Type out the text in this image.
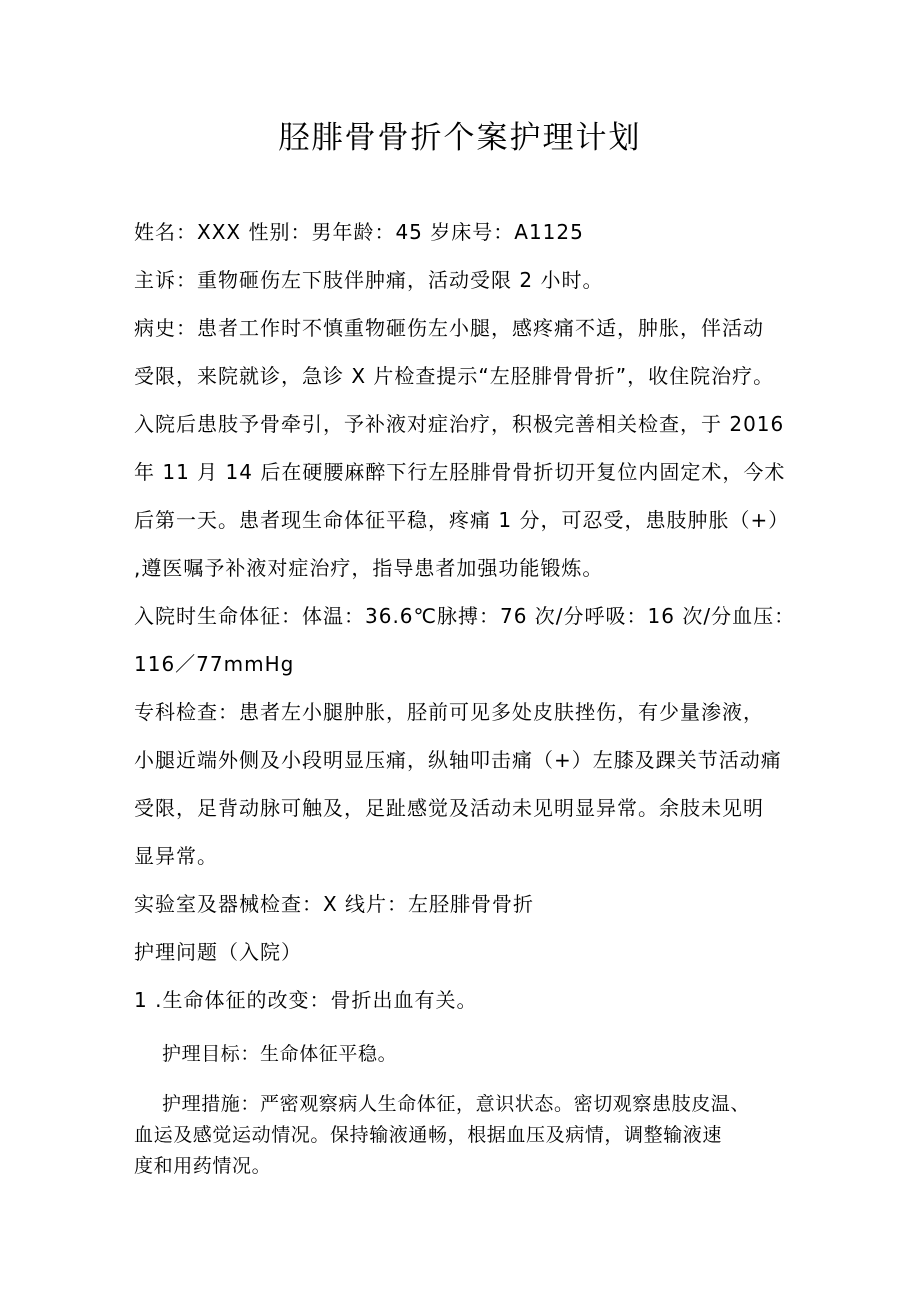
胫腓骨骨折个案护理计划
姓名：XXX 性别：男年龄：45 岁床号：A1125
主诉：重物砸伤左下肢伴肿痛，活动受限 2 小时。
病史：患者工作时不慎重物砸伤左小腿，感疼痛不适，肿胀，伴活动
受限，来院就诊，急诊 X 片检查提示“左胫腓骨骨折”，收住院治疗。
入院后患肢予骨牵引，予补液对症治疗，积极完善相关检查，于 2016
年 11 月 14 后在硬腰麻醉下行左胫腓骨骨折切开复位内固定术，今术
后第一天。患者现生命体征平稳，疼痛 1 分，可忍受，患肢肿胀（+）
,遵医嘱予补液对症治疗，指导患者加强功能锻炼。
入院时生命体征：体温：36.6℃脉搏：76 次/分呼吸：16 次/分血压：
116／77mmHg
专科检查：患者左小腿肿胀，胫前可见多处皮肤挫伤，有少量渗液，
小腿近端外侧及小段明显压痛，纵轴叩击痛（+）左膝及踝关节活动痛
受限，足背动脉可触及，足趾感觉及活动未见明显异常。余肢未见明
显异常。
实验室及器械检查：X 线片：左胫腓骨骨折
护理问题（入院）
1 .生命体征的改变：骨折出血有关。
护理目标：生命体征平稳。
护理措施：严密观察病人生命体征，意识状态。密切观察患肢皮温、
血运及感觉运动情况。保持输液通畅，根据血压及病情，调整输液速
度和用药情况。
